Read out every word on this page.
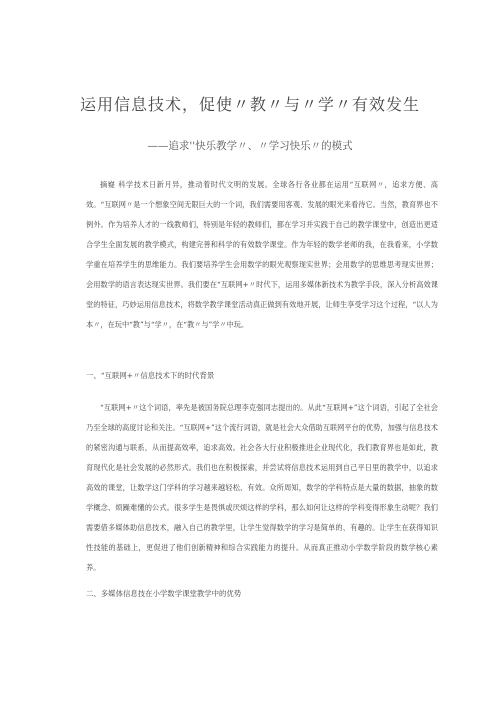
运用信息技术，促使〃教〃与〃学〃有效发生
——追求''快乐教学〃、〃学习快乐〃的模式

摘嶷 科学技术日新月异，推动着时代文明的发展。全球各行各业都在运用“互联网〃，追求方便、高效。“互联网〃是一个想象空间无限巨大的一个词，我们需要用客观、发展的眼光来看待它。当然，教育界也不例外。作为培养人才的一线教师们，特别是年轻的教师们，都在学习并实践于自己的教学课堂中，创造出更适合学生全面发展的教学模式，构建完善和科学的有效数学课堂。作为年轻的数学老师的我，在我看来，小学数学重在培养学生的思维能力。我们要培养学生会用数学的眼光观察现实世界；会用数学的思维思考现实世界；会用数学的语言表达现实世界。我们要在“互联网+〃时代下，运用多媒体新技术为教学手段，深入分析高效课堂的特征，巧妙运用信息技术，将数学教学课堂活动真正做到有效地开展，让师生享受学习这个过程，“以人为本〃，在玩中“教”与“学〃，在“教〃与”学〃中玩。

一、“互联网+〃信息技术下的时代背景

“互联网+〃这个词语，率先是被国务院总理李克强同志提出的。从此“互联网+”这个词语，引起了全社会乃至全球的高度讨论和关注。“互联网+”这个流行词语，就是社会大众借助互联网平台的优势，加强与信息技术的紧密沟通与联系，从而提高效率，追求高效。社会各大行业积极推进企业现代化，我们教育界也是如此，教育现代化是社会发展的必然形式。我们也在积极探索，并尝试将信息技术运用到自己平日里的教学中，以追求高效的课堂，让数学这门学科的学习越来越轻松、有效。众所周知，数学的学科特点是大量的数据，抽象的数学概念、烦躁难懂的公式。很多学生是畏惧或厌烦这样的学科，那么如何让这样的学科变得形象生动呢？我们需要借多媒体助信息技术，融入自己的教学里，让学生觉得数学的学习是简单的、有趣的。让学生在获得知识性技能的基础上，更促进了他们创新精神和综合实践能力的提升。从而真正推动小学数学阶段的数学核心素养。

二、多媒体信息技在小学数学课堂教学中的优势
